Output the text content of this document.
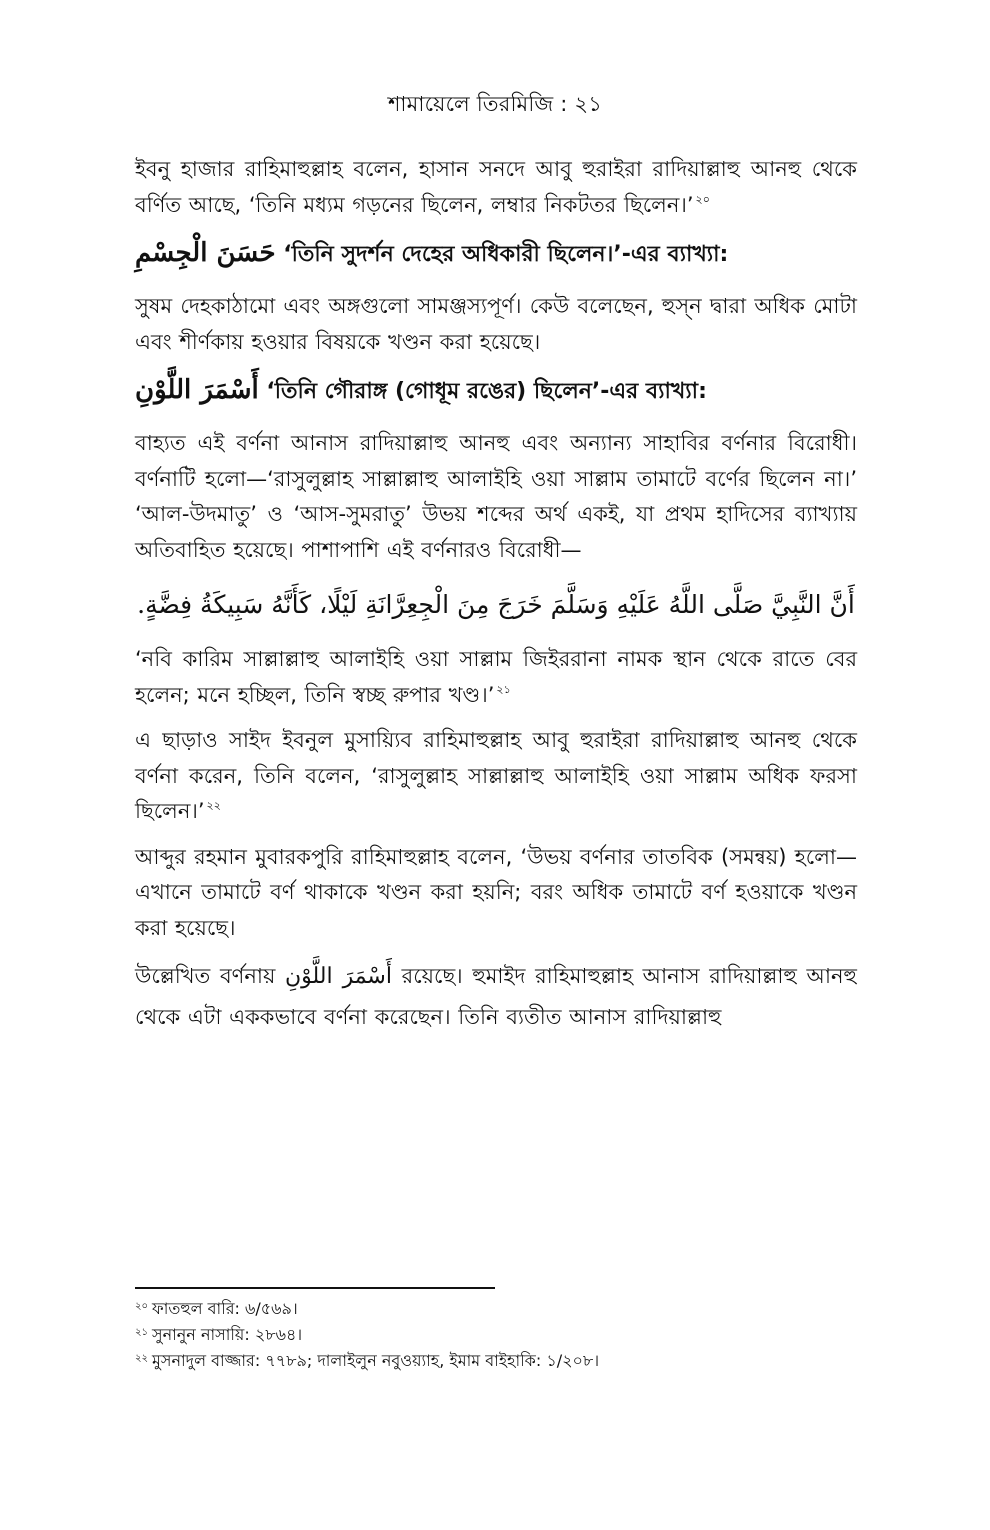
শামায়েলে তিরমিজি : ২১

ইবনু হাজার রাহিমাহুল্লাহ বলেন, হাসান সনদে আবু হুরাইরা রাদিয়াল্লাহু আনহু থেকে বর্ণিত আছে, ‘তিনি মধ্যম গড়নের ছিলেন, লম্বার নিকটতর ছিলেন।’ $^{২০}$

حَسَنَ الْجِسْمِ ‘তিনি সুদর্শন দেহের অধিকারী ছিলেন।’-এর ব্যাখ্যা:

সুষম দেহকাঠামো এবং অঙ্গগুলো সামঞ্জস্যপূর্ণ। কেউ বলেছেন, হুস্‌ন দ্বারা অধিক মোটা এবং শীর্ণকায় হওয়ার বিষয়কে খণ্ডন করা হয়েছে।

أَسْمَرَ اللَّوْنِ ‘তিনি গৌরাঙ্গ (গোধূম রঙের) ছিলেন’-এর ব্যাখ্যা:

বাহ্যত এই বর্ণনা আনাস রাদিয়াল্লাহু আনহু এবং অন্যান্য সাহাবির বর্ণনার বিরোধী। বর্ণনাটি হলো—‘রাসুলুল্লাহ সাল্লাল্লাহু আলাইহি ওয়া সাল্লাম তামাটে বর্ণের ছিলেন না।’ ‘আল-উদমাতু’ ও ‘আস-সুমরাতু’ উভয় শব্দের অর্থ একই, যা প্রথম হাদিসের ব্যাখ্যায় অতিবাহিত হয়েছে। পাশাপাশি এই বর্ণনারও বিরোধী—

أَنَّ النَّبِيَّ صَلَّى اللَّهُ عَلَيْهِ وَسَلَّمَ خَرَجَ مِنَ الْجِعِرَّانَةِ لَيْلًا، كَأَنَّهُ سَبِيكَةُ فِضَّةٍ.

‘নবি কারিম সাল্লাল্লাহু আলাইহি ওয়া সাল্লাম জিইররানা নামক স্থান থেকে রাতে বের হলেন; মনে হচ্ছিল, তিনি স্বচ্ছ রুপার খণ্ড।’ $^{২১}$

এ ছাড়াও সাইদ ইবনুল মুসায়্যিব রাহিমাহুল্লাহ আবু হুরাইরা রাদিয়াল্লাহু আনহু থেকে বর্ণনা করেন, তিনি বলেন, ‘রাসুলুল্লাহ সাল্লাল্লাহু আলাইহি ওয়া সাল্লাম অধিক ফরসা ছিলেন।’ $^{২২}$

আব্দুর রহমান মুবারকপুরি রাহিমাহুল্লাহ বলেন, ‘উভয় বর্ণনার তাতবিক (সমন্বয়) হলো—এখানে তামাটে বর্ণ থাকাকে খণ্ডন করা হয়নি; বরং অধিক তামাটে বর্ণ হওয়াকে খণ্ডন করা হয়েছে।

উল্লেখিত বর্ণনায় أَسْمَرَ اللَّوْنِ রয়েছে। হুমাইদ রাহিমাহুল্লাহ আনাস রাদিয়াল্লাহু আনহু থেকে এটা এককভাবে বর্ণনা করেছেন। তিনি ব্যতীত আনাস রাদিয়াল্লাহু

$^{২০}$ ফাতহুল বারি: ৬/৫৬৯।
$^{২১}$ সুনানুন নাসায়ি: ২৮৬৪।
$^{২২}$ মুসনাদুল বাজ্জার: ৭৭৮৯; দালাইলুন নবুওয়্যাহ, ইমাম বাইহাকি: ১/২০৮।
